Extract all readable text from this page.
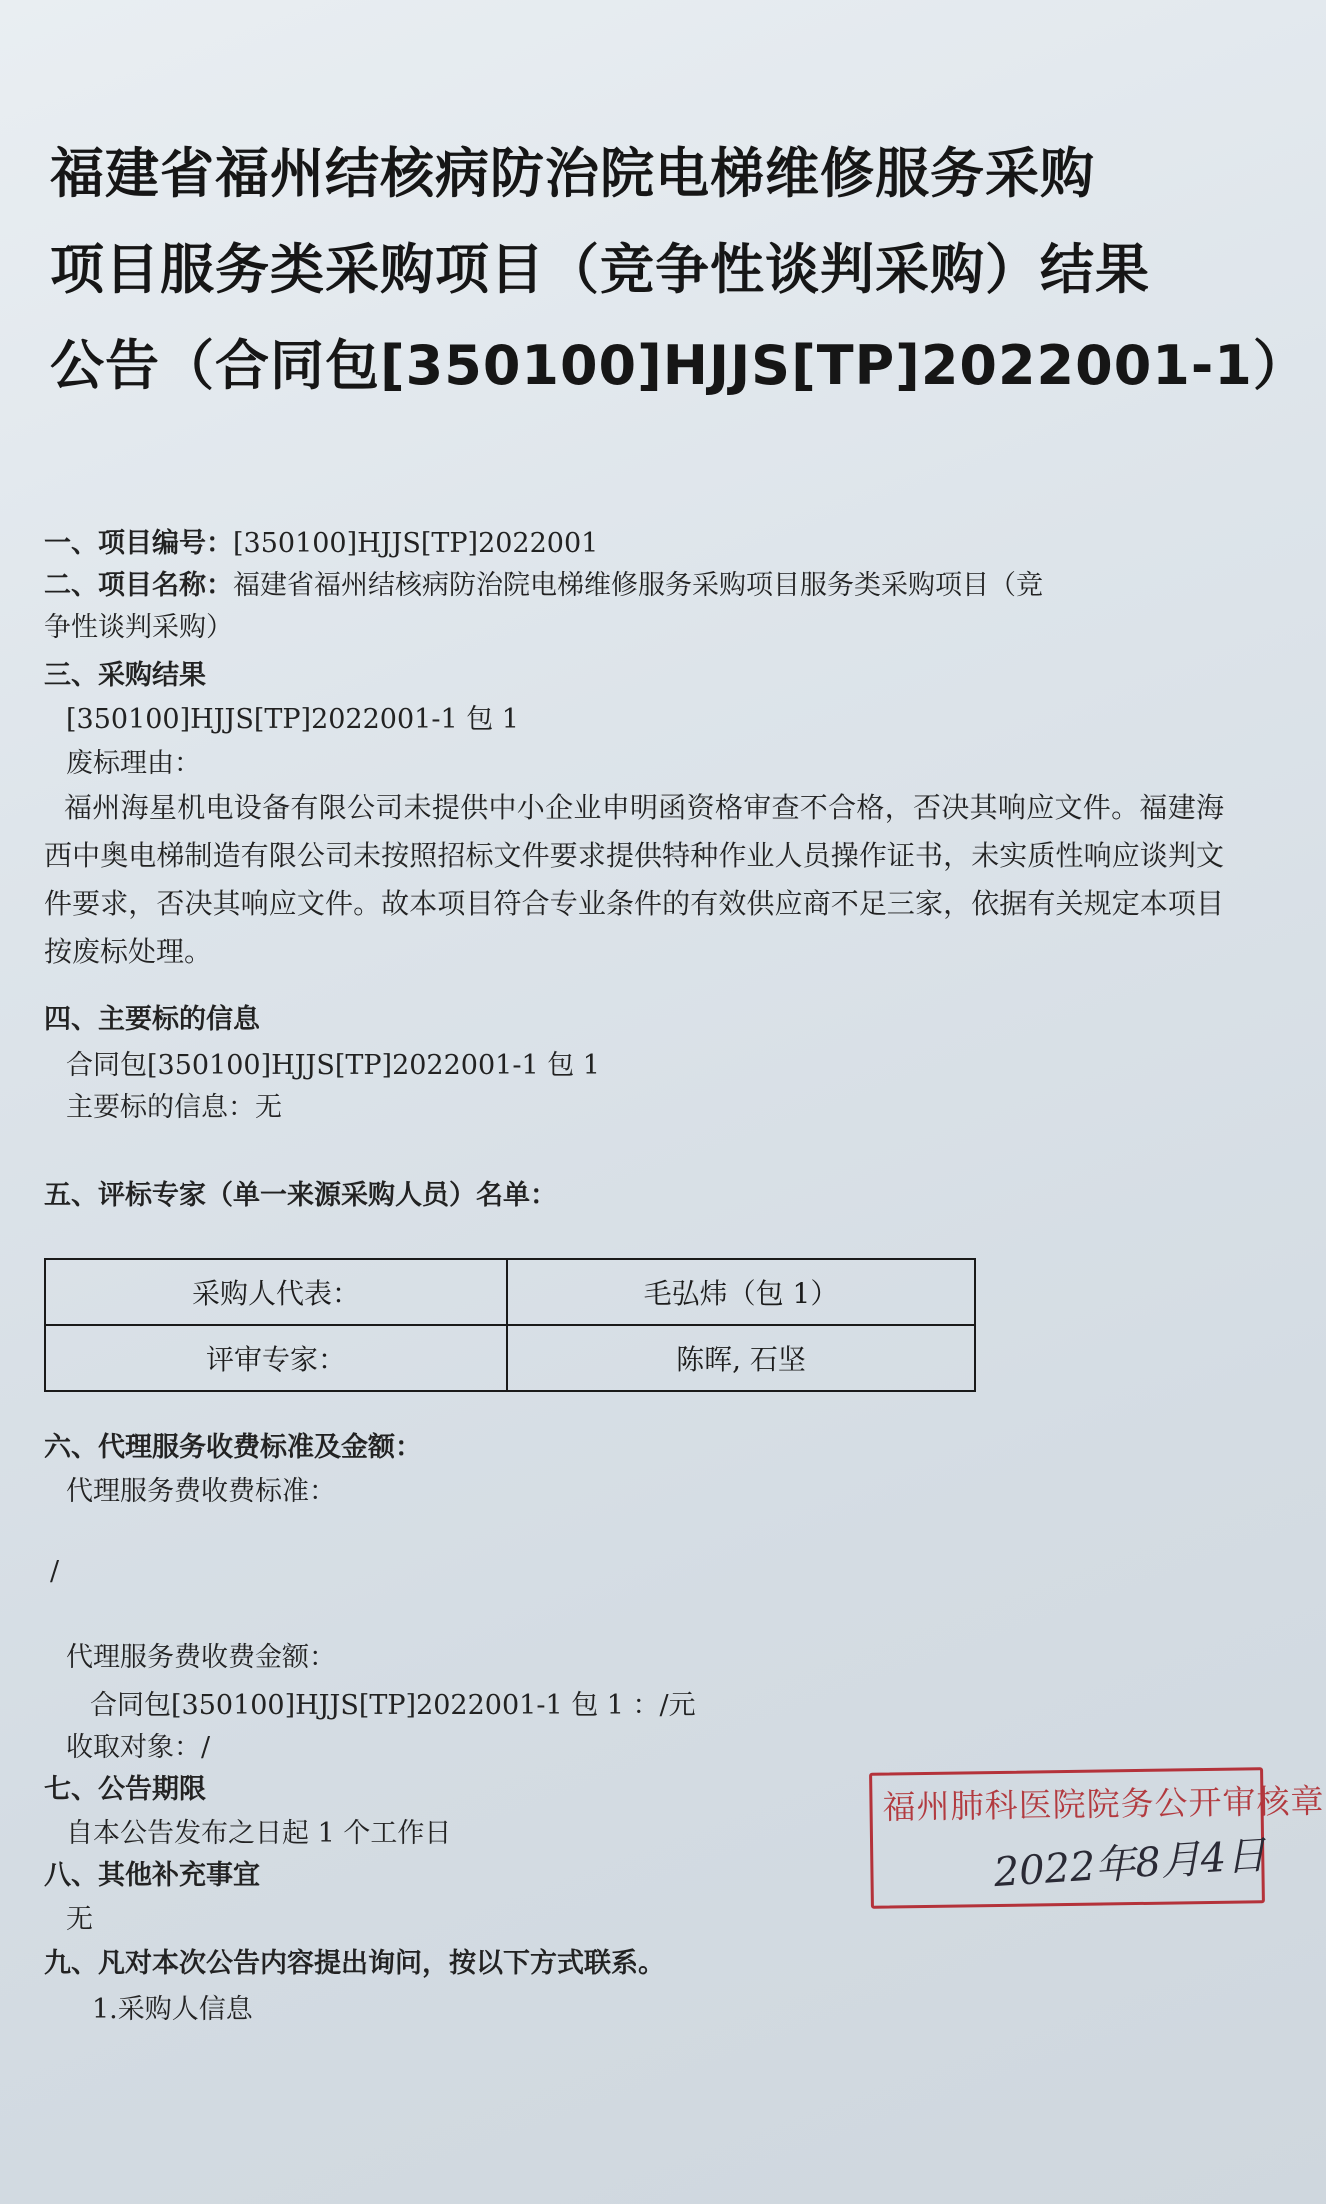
福建省福州结核病防治院电梯维修服务采购
项目服务类采购项目（竞争性谈判采购）结果
公告（合同包[350100]HJJS[TP]2022001-1）
一、项目编号：[350100]HJJS[TP]2022001
二、项目名称：福建省福州结核病防治院电梯维修服务采购项目服务类采购项目（竞
争性谈判采购）
三、采购结果
[350100]HJJS[TP]2022001-1 包 1
废标理由：
福州海星机电设备有限公司未提供中小企业申明函资格审查不合格，否决其响应文件。福建海西中奥电梯制造有限公司未按照招标文件要求提供特种作业人员操作证书，未实质性响应谈判文件要求，否决其响应文件。故本项目符合专业条件的有效供应商不足三家，依据有关规定本项目按废标处理。
四、主要标的信息
合同包[350100]HJJS[TP]2022001-1 包 1
主要标的信息：无
五、评标专家（单一来源采购人员）名单：
采购人代表：	毛弘炜（包 1）
评审专家：	陈晖, 石坚
六、代理服务收费标准及金额：
代理服务费收费标准：
/
代理服务费收费金额：
合同包[350100]HJJS[TP]2022001-1 包 1 ：/元
收取对象：/
七、公告期限
自本公告发布之日起 1 个工作日
八、其他补充事宜
无
九、凡对本次公告内容提出询问，按以下方式联系。
1.采购人信息
福州肺科医院院务公开审核章
2022年8月4日
